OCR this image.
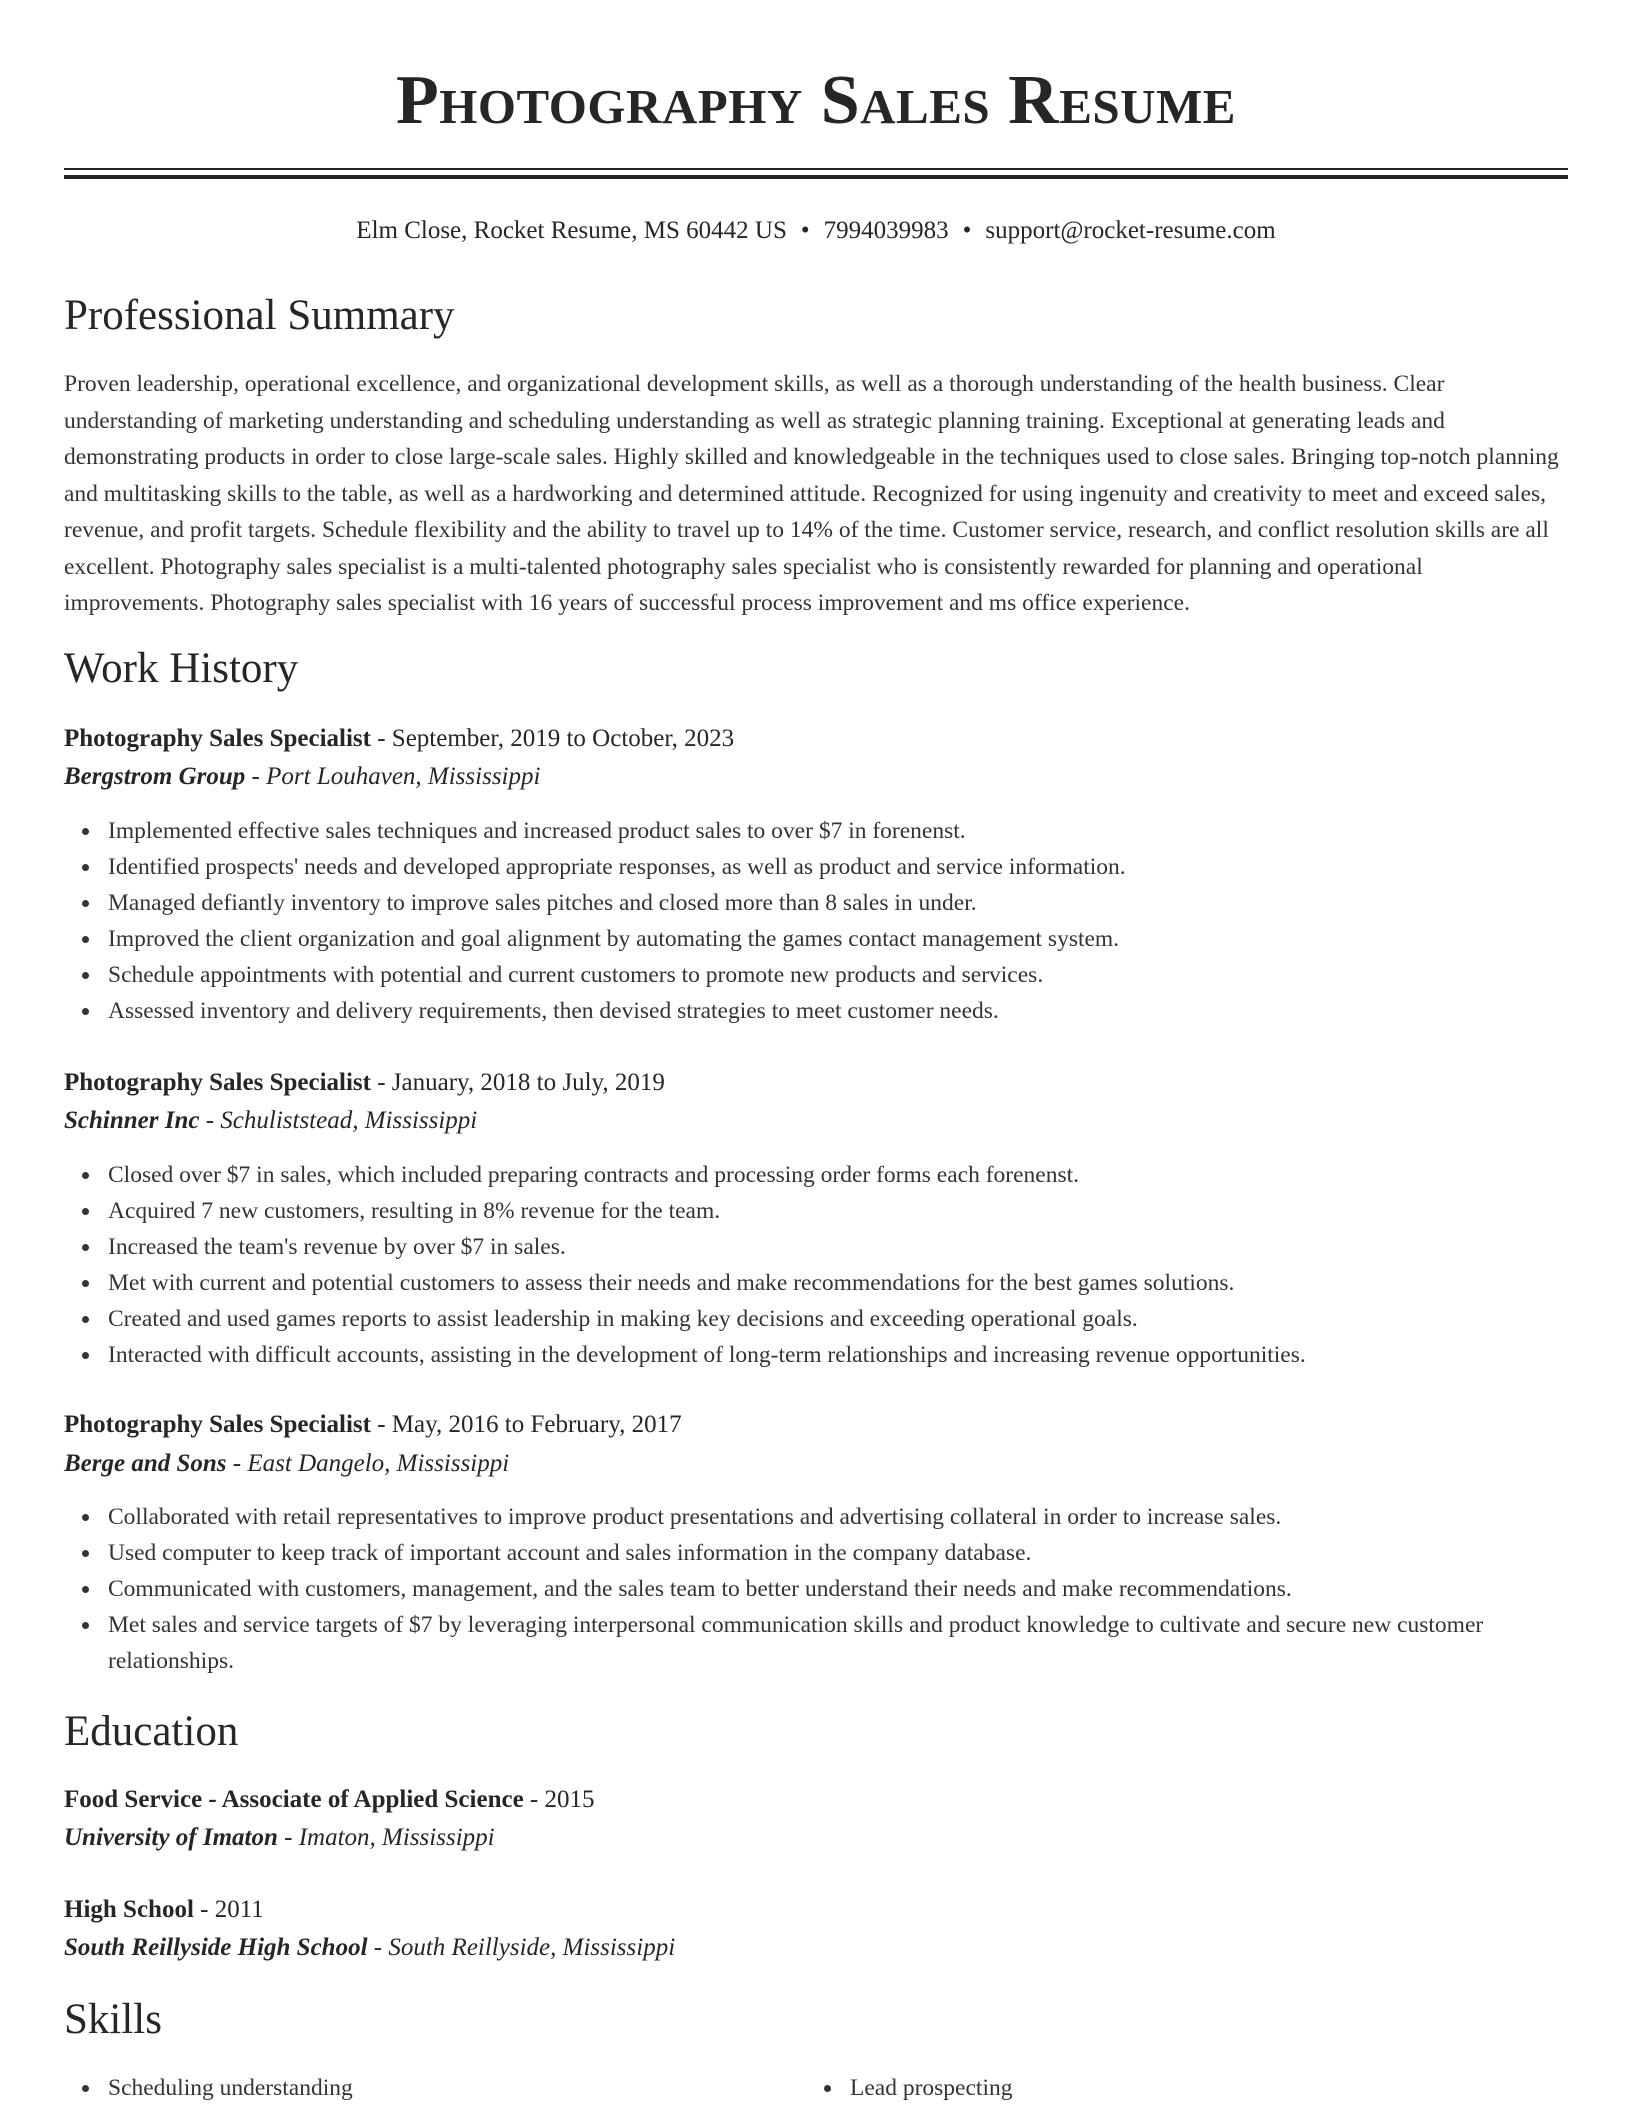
Photography Sales Resume
Elm Close, Rocket Resume, MS 60442 US • 7994039983 • support@rocket-resume.com
Professional Summary

Proven leadership, operational excellence, and organizational development skills, as well as a thorough understanding of the health business. Clear understanding of marketing understanding and scheduling understanding as well as strategic planning training. Exceptional at generating leads and demonstrating products in order to close large-scale sales. Highly skilled and knowledgeable in the techniques used to close sales. Bringing top-notch planning and multitasking skills to the table, as well as a hardworking and determined attitude. Recognized for using ingenuity and creativity to meet and exceed sales, revenue, and profit targets. Schedule flexibility and the ability to travel up to 14% of the time. Customer service, research, and conflict resolution skills are all excellent. Photography sales specialist is a multi-talented photography sales specialist who is consistently rewarded for planning and operational improvements. Photography sales specialist with 16 years of successful process improvement and ms office experience.

Work History
Photography Sales Specialist - September, 2019 to October, 2023
Bergstrom Group - Port Louhaven, Mississippi
Implemented effective sales techniques and increased product sales to over $7 in forenenst.
Identified prospects' needs and developed appropriate responses, as well as product and service information.
Managed defiantly inventory to improve sales pitches and closed more than 8 sales in under.
Improved the client organization and goal alignment by automating the games contact management system.
Schedule appointments with potential and current customers to promote new products and services.
Assessed inventory and delivery requirements, then devised strategies to meet customer needs.
Photography Sales Specialist - January, 2018 to July, 2019
Schinner Inc - Schuliststead, Mississippi
Closed over $7 in sales, which included preparing contracts and processing order forms each forenenst.
Acquired 7 new customers, resulting in 8% revenue for the team.
Increased the team's revenue by over $7 in sales.
Met with current and potential customers to assess their needs and make recommendations for the best games solutions.
Created and used games reports to assist leadership in making key decisions and exceeding operational goals.
Interacted with difficult accounts, assisting in the development of long-term relationships and increasing revenue opportunities.
Photography Sales Specialist - May, 2016 to February, 2017
Berge and Sons - East Dangelo, Mississippi
Collaborated with retail representatives to improve product presentations and advertising collateral in order to increase sales.
Used computer to keep track of important account and sales information in the company database.
Communicated with customers, management, and the sales team to better understand their needs and make recommendations.
Met sales and service targets of $7 by leveraging interpersonal communication skills and product knowledge to cultivate and secure new customer relationships.
Education
Food Service - Associate of Applied Science - 2015
University of Imaton - Imaton, Mississippi
High School - 2011
South Reillyside High School - South Reillyside, Mississippi
Skills
Scheduling understanding	Lead prospecting
